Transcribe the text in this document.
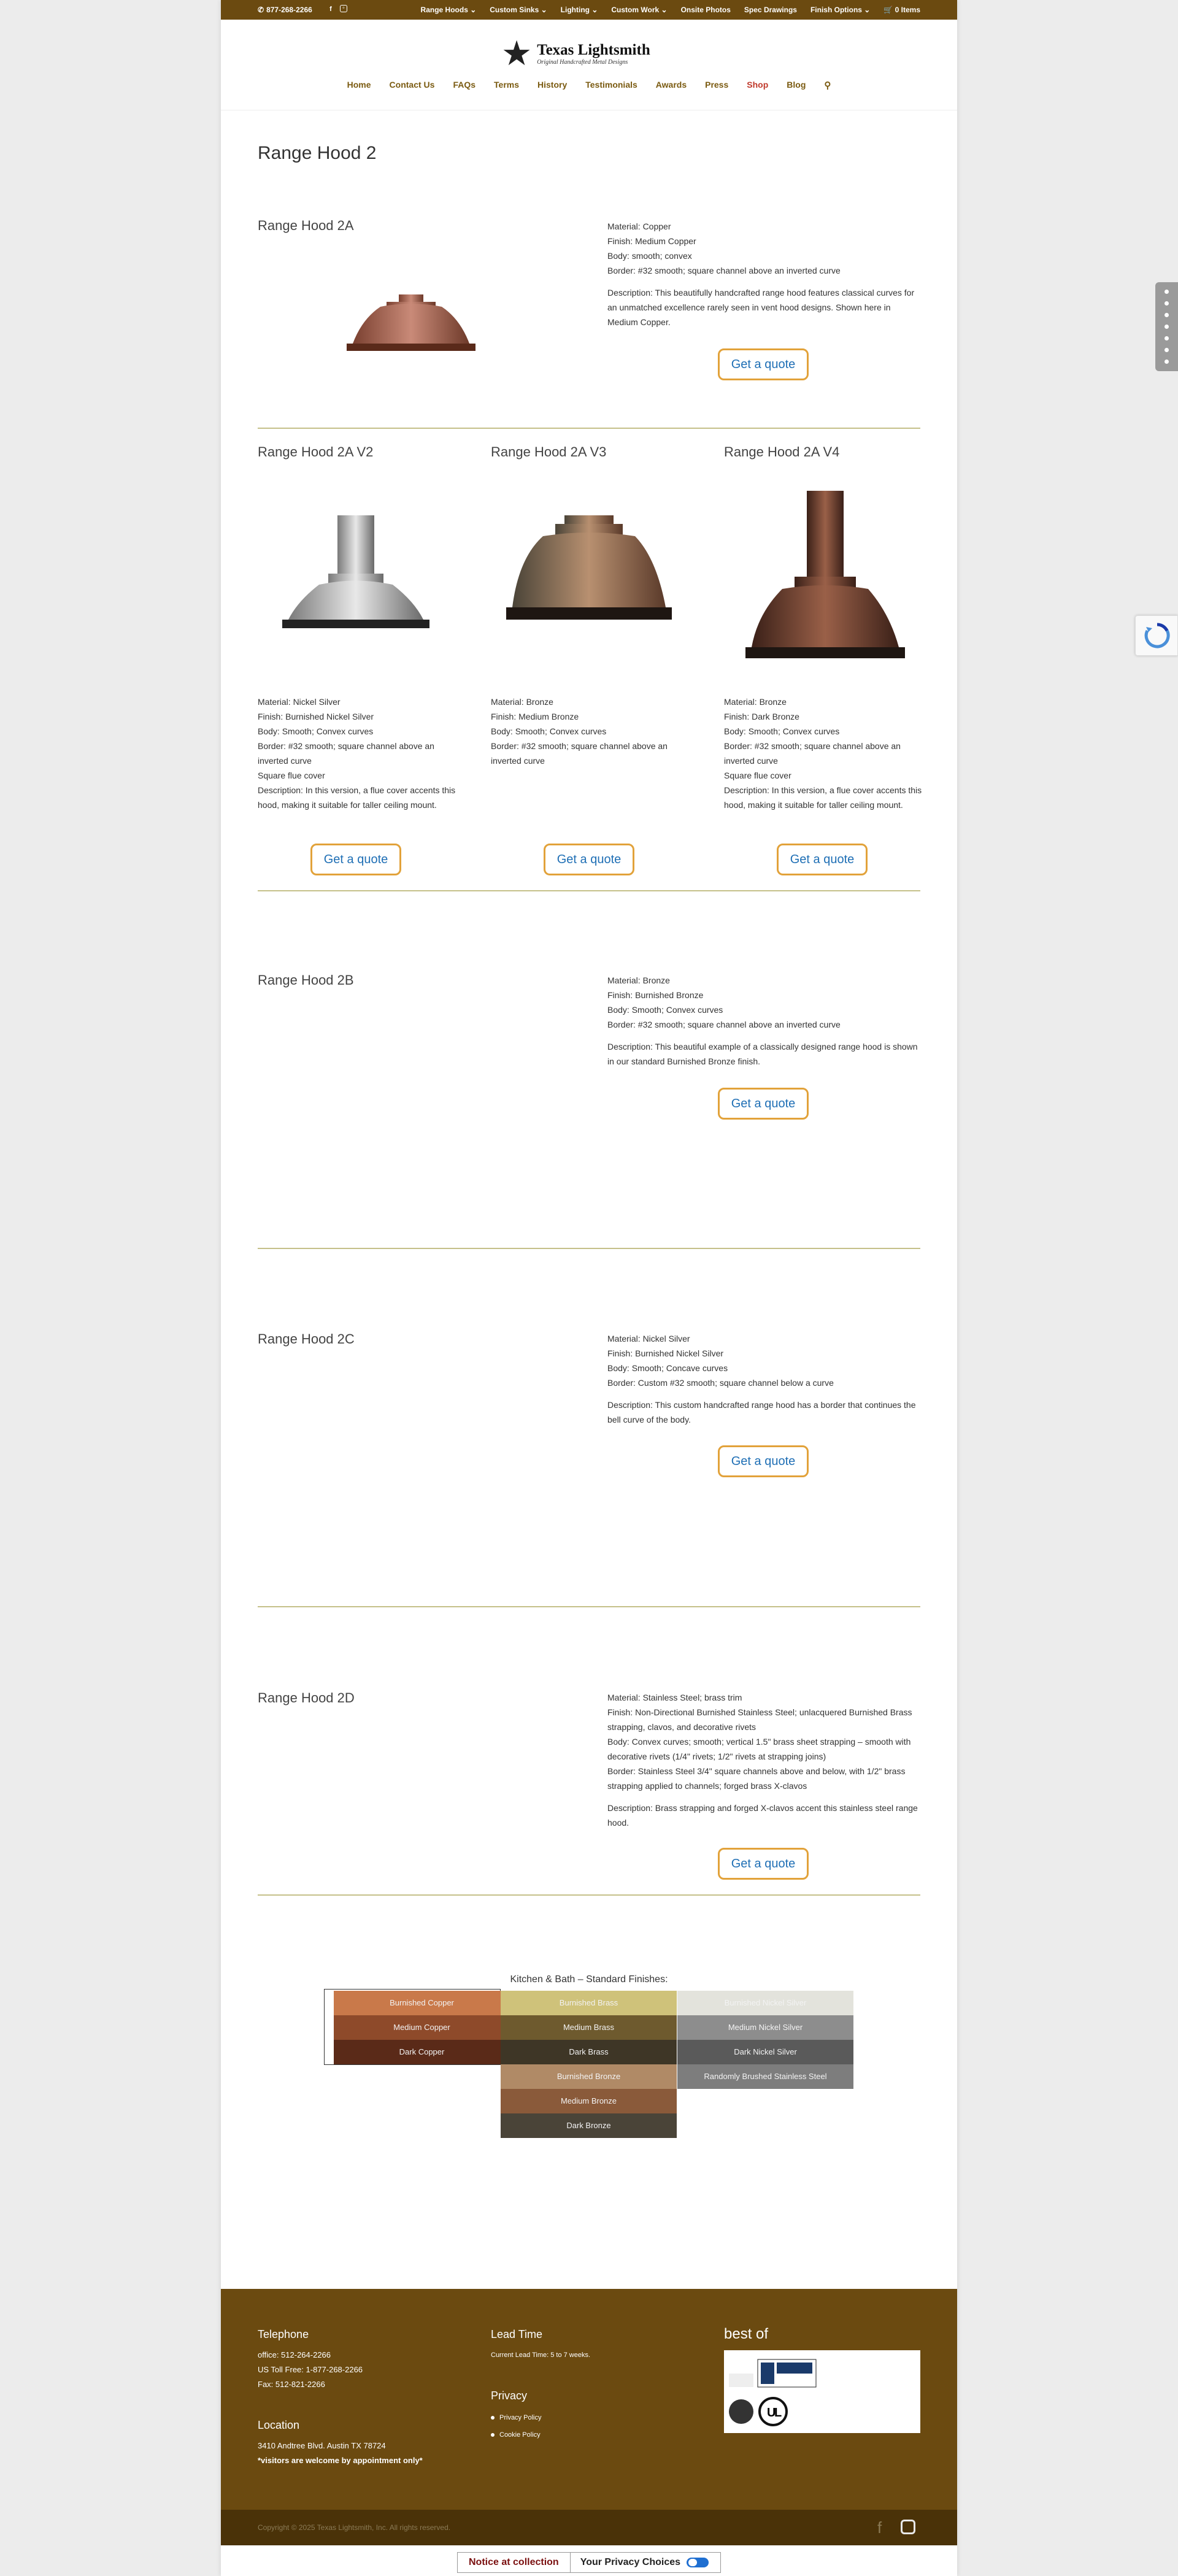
✆ 877-268-2266	f	◦	Range Hoods ⌄ Custom Sinks ⌄ Lighting ⌄ Custom Work ⌄ Onsite Photos Spec Drawings Finish Options ⌄ 🛒 0 Items
★ Texas Lightsmith
Original Handcrafted Metal Designs
Home Contact Us FAQs Terms History Testimonials Awards Press Shop Blog ⚲
Range Hood 2
Range Hood 2A	Material: Copper
Finish: Medium Copper
Body: smooth; convex
Border: #32 smooth; square channel above an inverted curve

Description: This beautifully handcrafted range hood features classical curves for an unmatched excellence rarely seen in vent hood designs. Shown here in Medium Copper.

Get a quote
Range Hood 2A V2	Range Hood 2A V3	Range Hood 2A V4
Material: Nickel Silver
Finish: Burnished Nickel Silver
Body: Smooth; Convex curves
Border: #32 smooth; square channel above an inverted curve
Square flue cover
Description: In this version, a flue cover accents this hood, making it suitable for taller ceiling mount.
Material: Bronze
Finish: Medium Bronze
Body: Smooth; Convex curves
Border: #32 smooth; square channel above an inverted curve
Material: Bronze
Finish: Dark Bronze
Body: Smooth; Convex curves
Border: #32 smooth; square channel above an inverted curve
Square flue cover
Description: In this version, a flue cover accents this hood, making it suitable for taller ceiling mount.
Get a quote	Get a quote	Get a quote
Range Hood 2B	Material: Bronze
Finish: Burnished Bronze
Body: Smooth; Convex curves
Border: #32 smooth; square channel above an inverted curve

Description: This beautiful example of a classically designed range hood is shown in our standard Burnished Bronze finish.

Get a quote
Range Hood 2C	Material: Nickel Silver
Finish: Burnished Nickel Silver
Body: Smooth; Concave curves
Border: Custom #32 smooth; square channel below a curve

Description: This custom handcrafted range hood has a border that continues the bell curve of the body.

Get a quote
Range Hood 2D	Material: Stainless Steel; brass trim
Finish: Non-Directional Burnished Stainless Steel; unlacquered Burnished Brass strapping, clavos, and decorative rivets
Body: Convex curves; smooth; vertical 1.5" brass sheet strapping – smooth with decorative rivets (1/4" rivets; 1/2" rivets at strapping joins)
Border: Stainless Steel 3/4" square channels above and below, with 1/2" brass strapping applied to channels; forged brass X-clavos

Description: Brass strapping and forged X-clavos accent this stainless steel range hood.

Get a quote
Kitchen & Bath – Standard Finishes:
Burnished Copper
Medium Copper
Dark Copper
Burnished Brass
Medium Brass
Dark Brass
Burnished Bronze
Medium Bronze
Dark Bronze
Burnished Nickel Silver
Medium Nickel Silver
Dark Nickel Silver
Randomly Brushed Stainless Steel
Telephone
office: 512-264-2266
US Toll Free: 1-877-268-2266
Fax: 512-821-2266
Location
3410 Andtree Blvd. Austin TX 78724
*visitors are welcome by appointment only*
Lead Time
Current Lead Time: 5 to 7 weeks.
Privacy
Privacy Policy
Cookie Policy
best of
U
L
Copyright © 2025 Texas Lightsmith, Inc. All rights reserved.	f
Notice at collection	Your Privacy Choices
